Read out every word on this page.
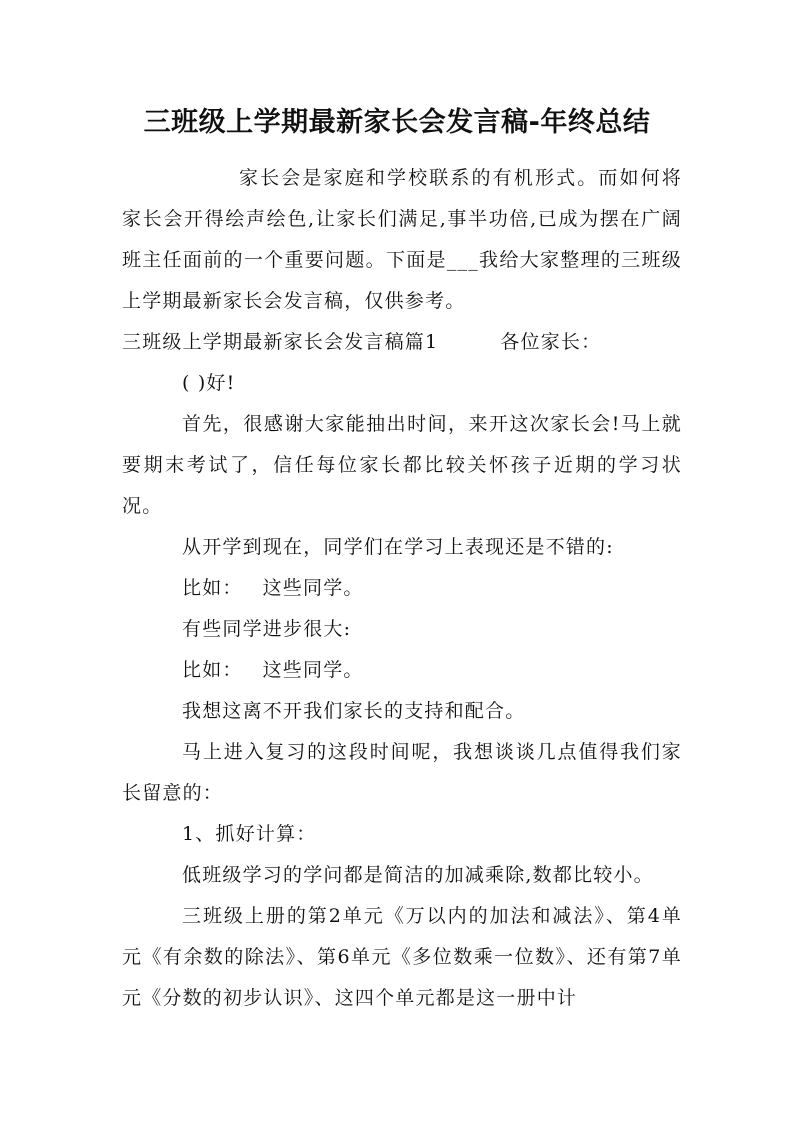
三班级上学期最新家长会发言稿-年终总结

家长会是家庭和学校联系的有机形式。而如何将家长会开得绘声绘色,让家长们满足,事半功倍,已成为摆在广阔班主任面前的一个重要问题。下面是___我给大家整理的三班级上学期最新家长会发言稿，仅供参考。

三班级上学期最新家长会发言稿篇1	各位家长：

( )好!

首先，很感谢大家能抽出时间，来开这次家长会!马上就要期末考试了，信任每位家长都比较关怀孩子近期的学习状况。

从开学到现在，同学们在学习上表现还是不错的:

比如： 这些同学。

有些同学进步很大:

比如： 这些同学。

我想这离不开我们家长的支持和配合。

马上进入复习的这段时间呢，我想谈谈几点值得我们家长留意的：

1、抓好计算：

低班级学习的学问都是简洁的加减乘除,数都比较小。

三班级上册的第2单元《万以内的加法和减法》、第4单元《有余数的除法》、第6单元《多位数乘一位数》、还有第7单元《分数的初步认识》、这四个单元都是这一册中计
